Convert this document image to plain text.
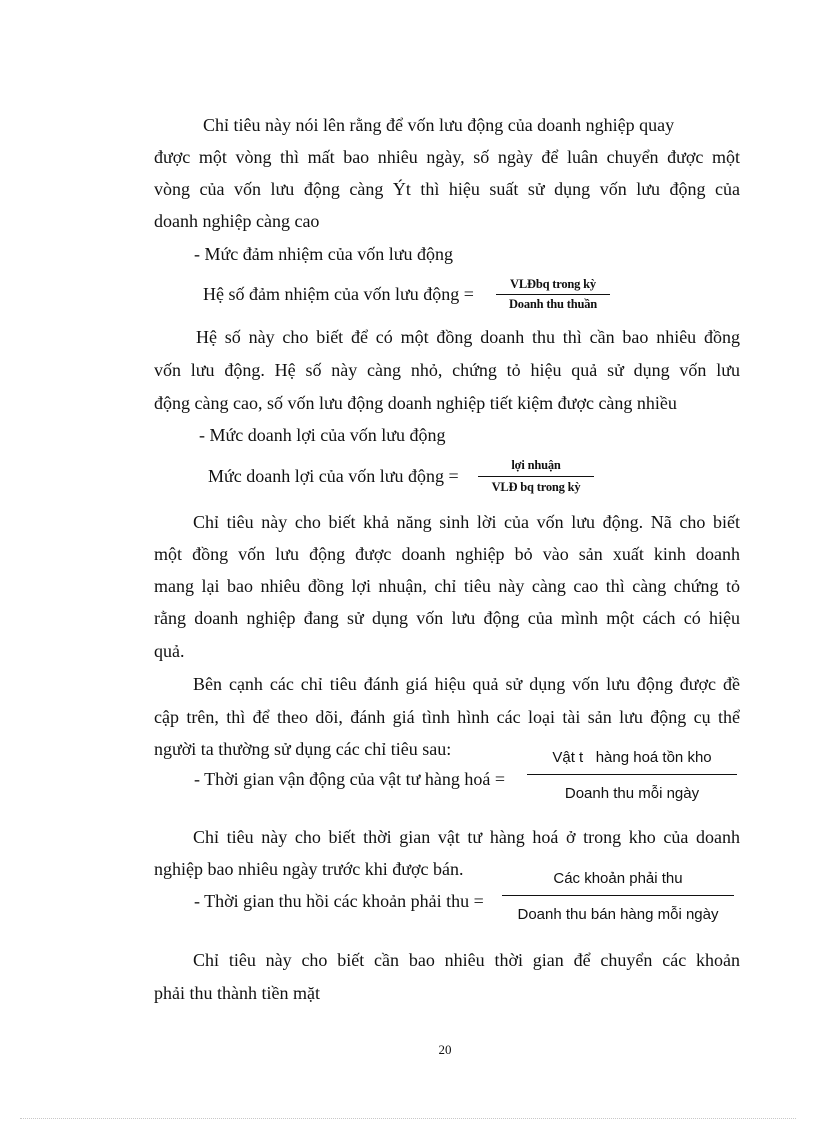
Chỉ tiêu này nói lên rằng để vốn lưu động của doanh nghiệp quay
được một vòng thì mất bao nhiêu ngày, số ngày để luân chuyển được một
vòng của vốn lưu động càng Ýt thì hiệu suất sử dụng vốn lưu động của
doanh nghiệp càng cao
- Mức đảm nhiệm của vốn lưu động
Hệ số đảm nhiệm của vốn lưu động =	VLĐbq trong kỳ
Doanh thu thuần
Hệ số này cho biết để có một đồng doanh thu thì cần bao nhiêu đồng
vốn lưu động. Hệ số này càng nhỏ, chứng tỏ hiệu quả sử dụng vốn lưu
động càng cao, số vốn lưu động doanh nghiệp tiết kiệm được càng nhiều
- Mức doanh lợi của vốn lưu động
Mức doanh lợi của vốn lưu động =
lợi nhuận
VLĐ bq trong kỳ
Chỉ tiêu này cho biết khả năng sinh lời của vốn lưu động. Nã cho biết
một đồng vốn lưu động được doanh nghiệp bỏ vào sản xuất kinh doanh
mang lại bao nhiêu đồng lợi nhuận, chỉ tiêu này càng cao thì càng chứng tỏ
rằng doanh nghiệp đang sử dụng vốn lưu động của mình một cách có hiệu
quả.
Bên cạnh các chỉ tiêu đánh giá hiệu quả sử dụng vốn lưu động được đề
cập trên, thì để theo dõi, đánh giá tình hình các loại tài sản lưu động cụ thể
người ta thường sử dụng các chỉ tiêu sau:
- Thời gian vận động của vật tư hàng hoá =
Vật t   hàng hoá tồn kho
Doanh thu mỗi ngày
Chỉ tiêu này cho biết thời gian vật tư hàng hoá ở trong kho của doanh
nghiệp bao nhiêu ngày trước khi được bán.
- Thời gian thu hồi các khoản phải thu =
Các khoản phải thu
Doanh thu bán hàng mỗi ngày
Chỉ tiêu này cho biết cần bao nhiêu thời gian để chuyển các khoản
phải thu thành tiền mặt
20
